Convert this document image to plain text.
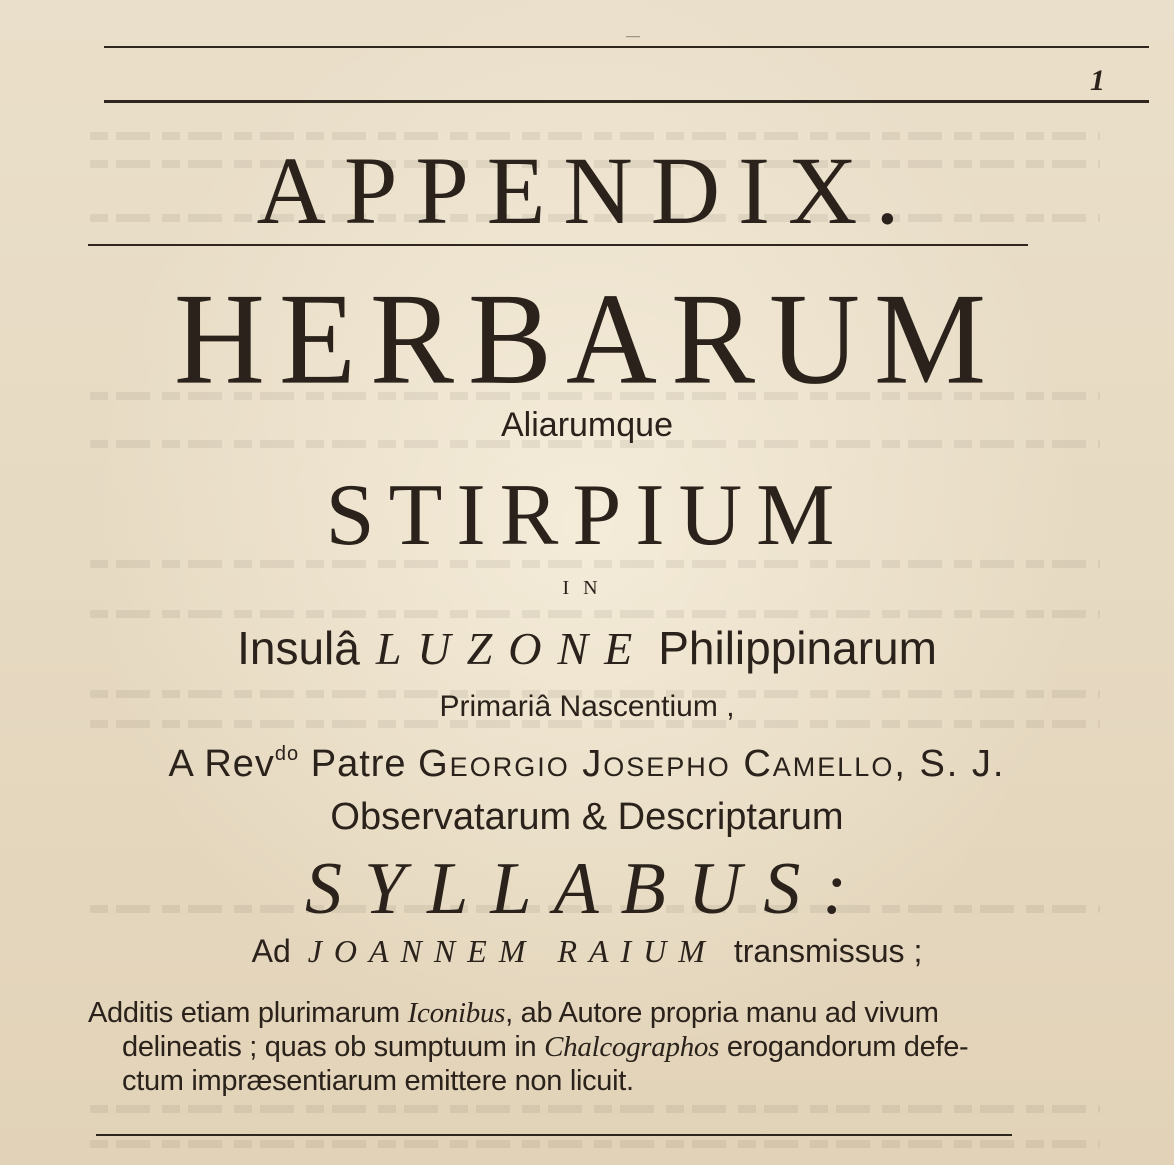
—
1
APPENDIX.
HERBARUM
Aliarumque
STIRPIUM
IN
Insulâ LUZONE Philippinarum
Primariâ Nascentium ,
A Rev$^{do}$ Patre Georgio Josepho Camello, S. J.
Observatarum & Descriptarum
SYLLABUS:
Ad JOANNEM RAIUM transmissus ;
Additis etiam plurimarum Iconibus, ab Autore propria manu ad vivum
delineatis ; quas ob sumptuum in Chalcographos erogandorum defe-
ctum impræsentiarum emittere non licuit.
